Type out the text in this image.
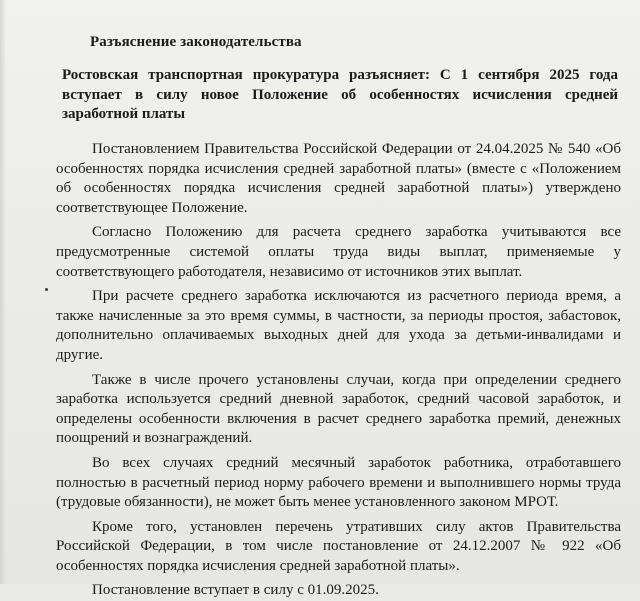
Разъяснение законодательства
Ростовская транспортная прокуратура разъясняет: С 1 сентября 2025 года вступает в силу новое Положение об особенностях исчисления средней заработной платы

Постановлением Правительства Российской Федерации от 24.04.2025 № 540 «Об особенностях порядка исчисления средней заработной платы» (вместе с «Положением об особенностях порядка исчисления средней заработной платы») утверждено соответствующее Положение.

Согласно Положению для расчета среднего заработка учитываются все предусмотренные системой оплаты труда виды выплат, применяемые у соответствующего работодателя, независимо от источников этих выплат.

При расчете среднего заработка исключаются из расчетного периода время, а также начисленные за это время суммы, в частности, за периоды простоя, забастовок, дополнительно оплачиваемых выходных дней для ухода за детьми-инвалидами и другие.

Также в числе прочего установлены случаи, когда при определении среднего заработка используется средний дневной заработок, средний часовой заработок, и определены особенности включения в расчет среднего заработка премий, денежных поощрений и вознаграждений.

Во всех случаях средний месячный заработок работника, отработавшего полностью в расчетный период норму рабочего времени и выполнившего нормы труда (трудовые обязанности), не может быть менее установленного законом МРОТ.

Кроме того, установлен перечень утративших силу актов Правительства Российской Федерации, в том числе постановление от 24.12.2007 № 922 «Об особенностях порядка исчисления средней заработной платы».

Постановление вступает в силу с 01.09.2025.
